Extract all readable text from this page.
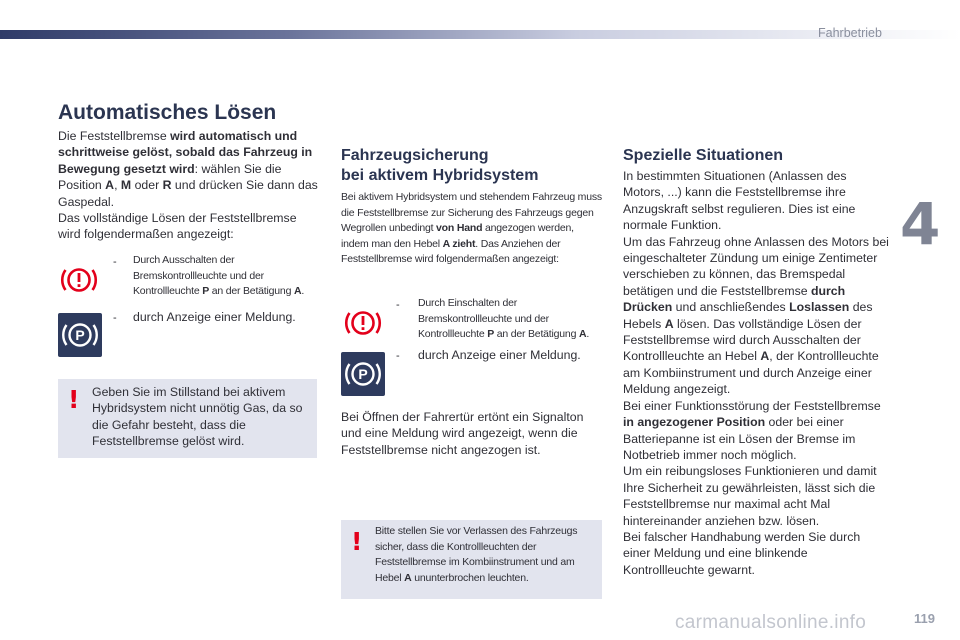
Fahrbetrieb
4
carmanualsonline.info	119
Automatisches Lösen
Die Feststellbremse wird automatisch und schrittweise gelöst, sobald das Fahrzeug in Bewegung gesetzt wird: wählen Sie die Position A, M oder R und drücken Sie dann das Gaspedal.
Das vollständige Lösen der Feststellbremse wird folgendermaßen angezeigt:
- Durch Ausschalten der Bremskontrollleuchte und der Kontrollleuchte P an der Betätigung A.
P
- durch Anzeige einer Meldung.
! Geben Sie im Stillstand bei aktivem Hybridsystem nicht unnötig Gas, da so die Gefahr besteht, dass die Feststellbremse gelöst wird.
Fahrzeugsicherung
bei aktivem Hybridsystem
Bei aktivem Hybridsystem und stehendem Fahrzeug muss die Feststellbremse zur Sicherung des Fahrzeugs gegen Wegrollen unbedingt von Hand angezogen werden, indem man den Hebel A zieht. Das Anziehen der Feststellbremse wird folgendermaßen angezeigt:
- Durch Einschalten der Bremskontrollleuchte und der Kontrollleuchte P an der Betätigung A.
P
- durch Anzeige einer Meldung.
Bei Öffnen der Fahrertür ertönt ein Signalton und eine Meldung wird angezeigt, wenn die Feststellbremse nicht angezogen ist.
! Bitte stellen Sie vor Verlassen des Fahrzeugs sicher, dass die Kontrollleuchten der Feststellbremse im Kombiinstrument und am Hebel A ununterbrochen leuchten.
Spezielle Situationen
In bestimmten Situationen (Anlassen des Motors, ...) kann die Feststellbremse ihre Anzugskraft selbst regulieren. Dies ist eine normale Funktion.
Um das Fahrzeug ohne Anlassen des Motors bei eingeschalteter Zündung um einige Zentimeter verschieben zu können, das Bremspedal betätigen und die Feststellbremse durch Drücken und anschließendes Loslassen des Hebels A lösen. Das vollständige Lösen der Feststellbremse wird durch Ausschalten der Kontrollleuchte an Hebel A, der Kontrollleuchte am Kombiinstrument und durch Anzeige einer Meldung angezeigt.
Bei einer Funktionsstörung der Feststellbremse in angezogener Position oder bei einer Batteriepanne ist ein Lösen der Bremse im Notbetrieb immer noch möglich.
Um ein reibungsloses Funktionieren und damit Ihre Sicherheit zu gewährleisten, lässt sich die Feststellbremse nur maximal acht Mal hintereinander anziehen bzw. lösen.
Bei falscher Handhabung werden Sie durch einer Meldung und eine blinkende Kontrollleuchte gewarnt.
